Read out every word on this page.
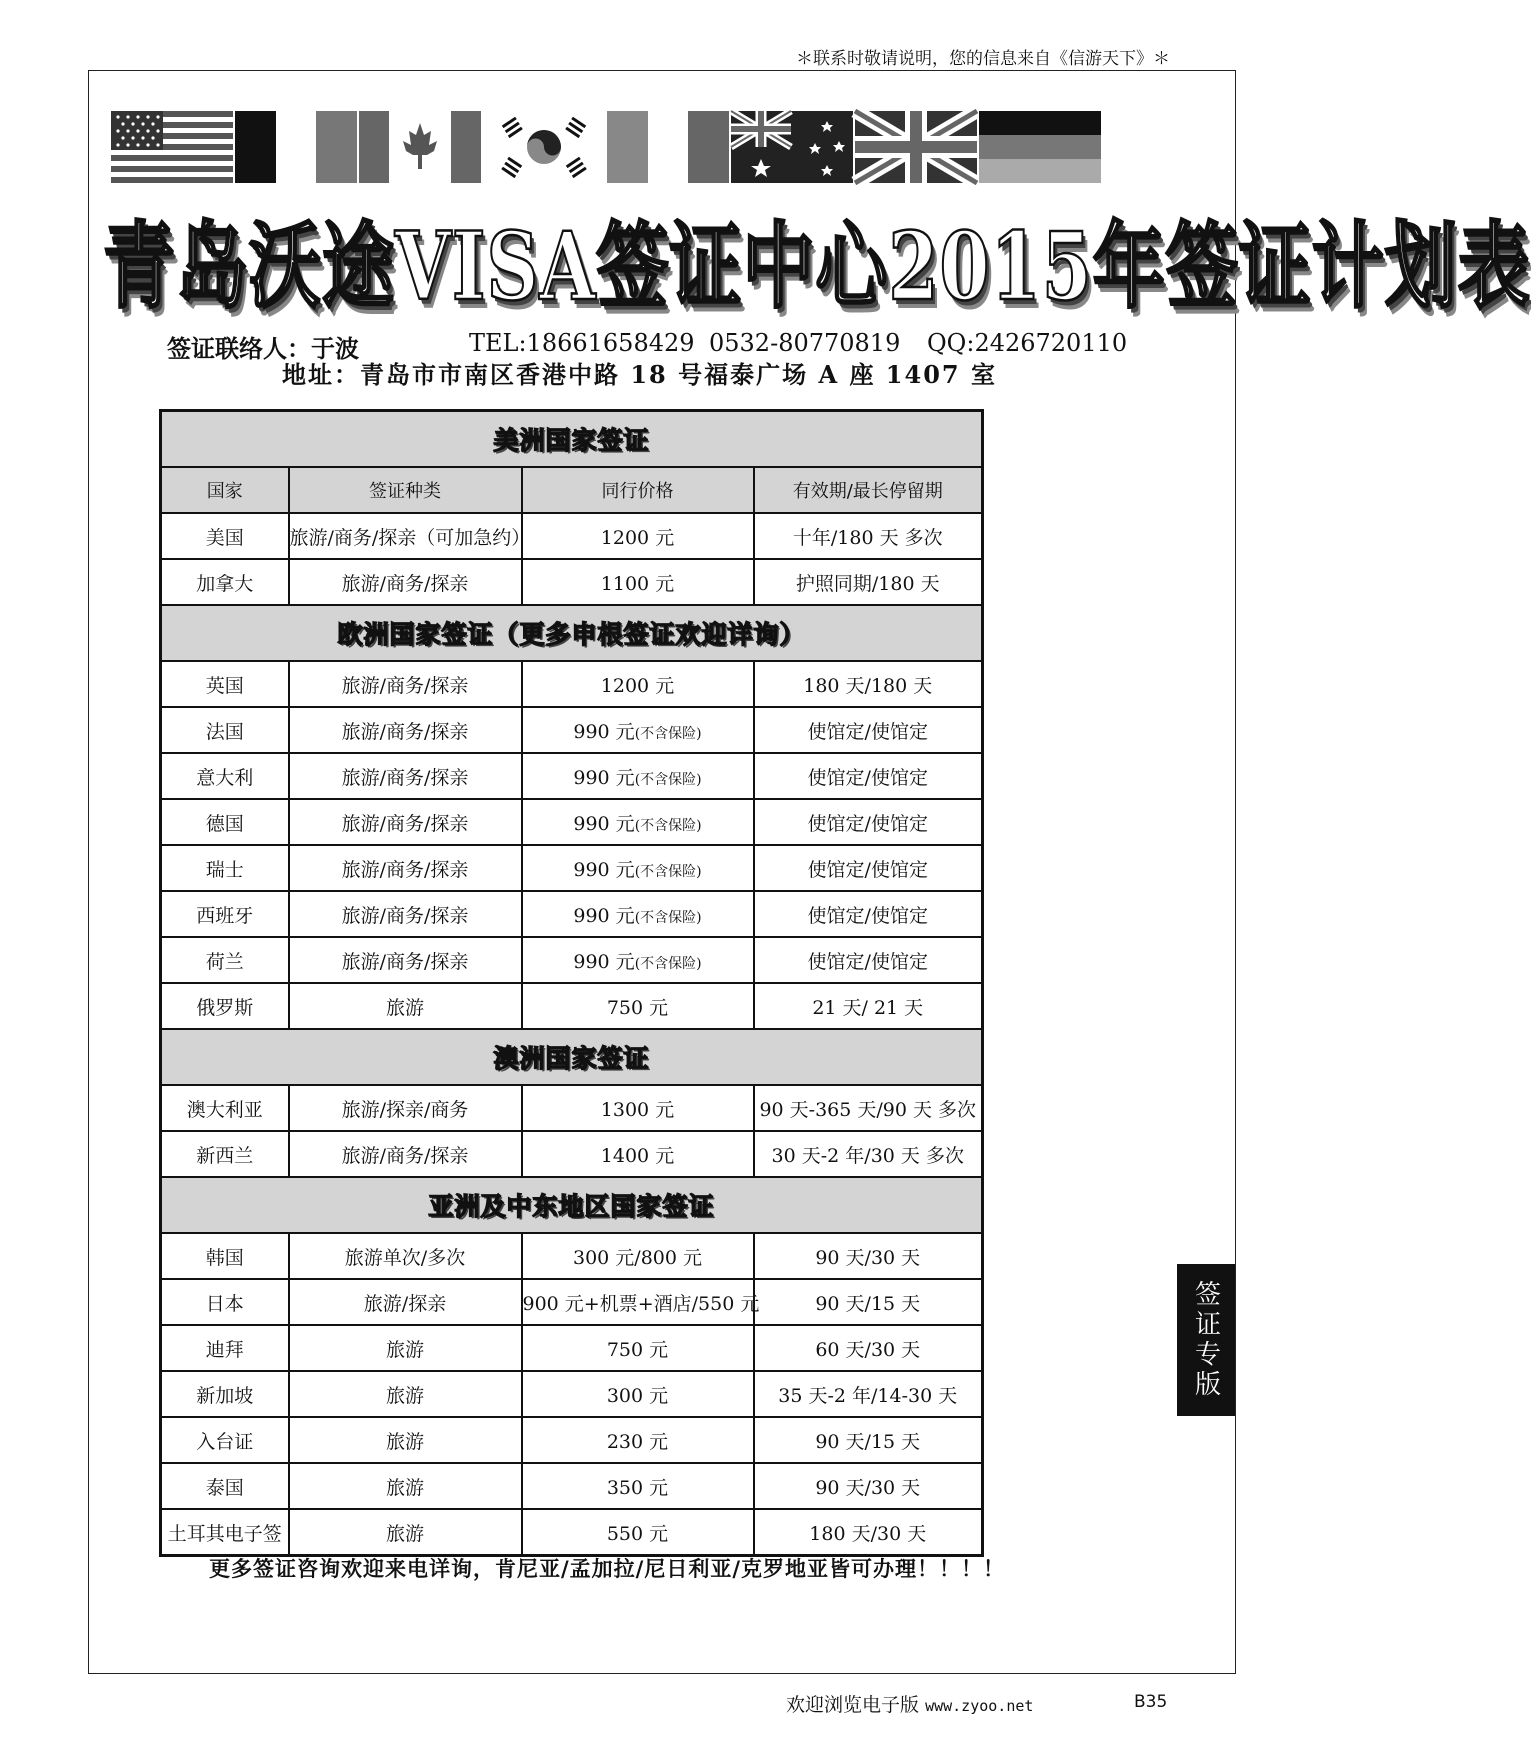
＊联系时敬请说明，您的信息来自《信游天下》＊
青岛沃途VISA签证中心2015年签证计划表
签证联络人：于波	TEL:18661658429 0532-80770819 QQ:2426720110
地址：青岛市市南区香港中路 18 号福泰广场 A 座 1407 室
美洲国家签证			
国家	签证种类	同行价格	有效期/最长停留期
美国	旅游/商务/探亲（可加急约）	1200 元	十年/180 天 多次
加拿大	旅游/商务/探亲	1100 元	护照同期/180 天
欧洲国家签证（更多申根签证欢迎详询）			
英国	旅游/商务/探亲	1200 元	180 天/180 天
法国	旅游/商务/探亲	990 元(不含保险)	使馆定/使馆定
意大利	旅游/商务/探亲	990 元(不含保险)	使馆定/使馆定
德国	旅游/商务/探亲	990 元(不含保险)	使馆定/使馆定
瑞士	旅游/商务/探亲	990 元(不含保险)	使馆定/使馆定
西班牙	旅游/商务/探亲	990 元(不含保险)	使馆定/使馆定
荷兰	旅游/商务/探亲	990 元(不含保险)	使馆定/使馆定
俄罗斯	旅游	750 元	21 天/ 21 天
澳洲国家签证			
澳大利亚	旅游/探亲/商务	1300 元	90 天-365 天/90 天 多次
新西兰	旅游/商务/探亲	1400 元	30 天-2 年/30 天 多次
亚洲及中东地区国家签证			
韩国	旅游单次/多次	300 元/800 元	90 天/30 天
日本	旅游/探亲	900 元+机票+酒店/550 元	90 天/15 天
迪拜	旅游	750 元	60 天/30 天
新加坡	旅游	300 元	35 天-2 年/14-30 天
入台证	旅游	230 元	90 天/15 天
泰国	旅游	350 元	90 天/30 天
土耳其电子签	旅游	550 元	180 天/30 天
更多签证咨询欢迎来电详询，肯尼亚/孟加拉/尼日利亚/克罗地亚皆可办理！！！！
签证专版
欢迎浏览电子版 www.zyoo.net	B35
